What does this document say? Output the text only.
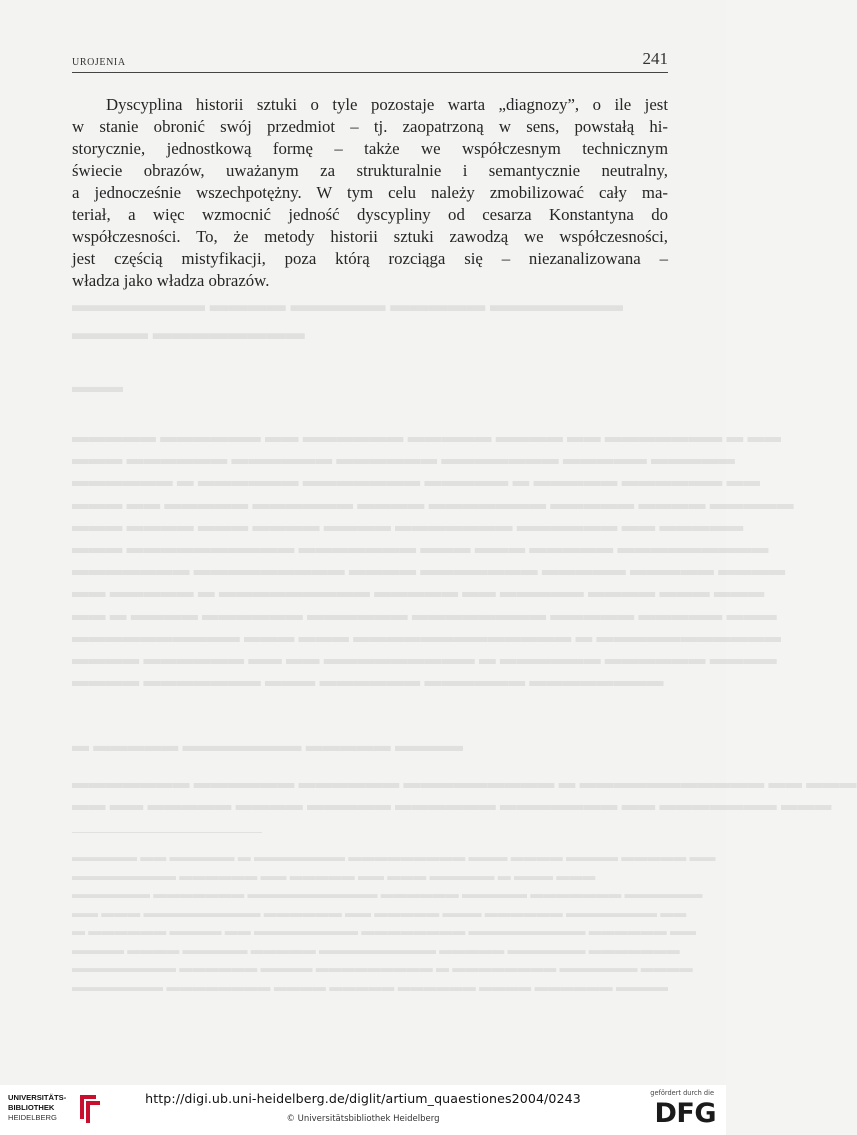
UROJENIA	241
Dyscyplina historii sztuki o tyle pozostaje warta „diagnozy”, o ile jest
w stanie obronić swój przedmiot – tj. zaopatrzoną w sens, powstałą hi-
storycznie, jednostkową formę – także we współczesnym technicznym
świecie obrazów, uważanym za strukturalnie i semantycznie neutralny,
a jednocześnie wszechpotężny. W tym celu należy zmobilizować cały ma-
teriał, a więc wzmocnić jedność dyscypliny od cesarza Konstantyna do
współczesności. To, że metody historii sztuki zawodzą we współczesności,
jest częścią mistyfikacji, poza którą rozciąga się – niezanalizowana –
władza jako władza obrazów.
▬▬▬▬▬▬▬ ▬▬▬▬ ▬▬▬▬▬ ▬▬▬▬▬ ▬▬▬▬▬▬▬
▬▬▬▬ ▬▬▬▬▬▬▬▬
▬▬▬
▬▬▬▬▬ ▬▬▬▬▬▬ ▬▬ ▬▬▬▬▬▬ ▬▬▬▬▬ ▬▬▬▬ ▬▬ ▬▬▬▬▬▬▬ ▬ ▬▬
▬▬▬ ▬▬▬▬▬▬ ▬▬▬▬▬▬ ▬▬▬▬▬▬ ▬▬▬▬▬▬▬ ▬▬▬▬▬ ▬▬▬▬▬
▬▬▬▬▬▬ ▬ ▬▬▬▬▬▬ ▬▬▬▬▬▬▬ ▬▬▬▬▬ ▬ ▬▬▬▬▬ ▬▬▬▬▬▬ ▬▬
▬▬▬ ▬▬ ▬▬▬▬▬ ▬▬▬▬▬▬ ▬▬▬▬ ▬▬▬▬▬▬▬ ▬▬▬▬▬ ▬▬▬▬ ▬▬▬▬▬
▬▬▬ ▬▬▬▬ ▬▬▬ ▬▬▬▬ ▬▬▬▬ ▬▬▬▬▬▬▬ ▬▬▬▬▬▬ ▬▬ ▬▬▬▬▬
▬▬▬ ▬▬▬▬▬▬▬▬▬▬ ▬▬▬▬▬▬▬ ▬▬▬ ▬▬▬ ▬▬▬▬▬ ▬▬▬▬▬▬▬▬▬
▬▬▬▬▬▬▬ ▬▬▬▬▬▬▬▬▬ ▬▬▬▬ ▬▬▬▬▬▬▬ ▬▬▬▬▬ ▬▬▬▬▬ ▬▬▬▬
▬▬ ▬▬▬▬▬ ▬ ▬▬▬▬▬▬▬▬▬ ▬▬▬▬▬ ▬▬ ▬▬▬▬▬ ▬▬▬▬ ▬▬▬ ▬▬▬
▬▬ ▬ ▬▬▬▬ ▬▬▬▬▬▬ ▬▬▬▬▬▬ ▬▬▬▬▬▬▬▬ ▬▬▬▬▬ ▬▬▬▬▬ ▬▬▬
▬▬▬▬▬▬▬▬▬▬ ▬▬▬ ▬▬▬ ▬▬▬▬▬▬▬▬▬▬▬▬▬ ▬ ▬▬▬▬▬▬▬▬▬▬▬
▬▬▬▬ ▬▬▬▬▬▬ ▬▬ ▬▬ ▬▬▬▬▬▬▬▬▬ ▬ ▬▬▬▬▬▬ ▬▬▬▬▬▬ ▬▬▬▬
▬▬▬▬ ▬▬▬▬▬▬▬ ▬▬▬ ▬▬▬▬▬▬ ▬▬▬▬▬▬ ▬▬▬▬▬▬▬▬
▬ ▬▬▬▬▬ ▬▬▬▬▬▬▬ ▬▬▬▬▬ ▬▬▬▬
▬▬▬▬▬▬▬ ▬▬▬▬▬▬ ▬▬▬▬▬▬ ▬▬▬▬▬▬▬▬▬ ▬ ▬▬▬▬▬▬▬▬▬▬▬ ▬▬ ▬▬▬
▬▬ ▬▬ ▬▬▬▬▬ ▬▬▬▬ ▬▬▬▬▬ ▬▬▬▬▬▬ ▬▬▬▬▬▬▬ ▬▬ ▬▬▬▬▬▬▬ ▬▬▬
▬▬▬▬▬ ▬▬ ▬▬▬▬▬ ▬ ▬▬▬▬▬▬▬ ▬▬▬▬▬▬▬▬▬ ▬▬▬ ▬▬▬▬ ▬▬▬▬ ▬▬▬▬▬ ▬▬
▬▬▬▬▬▬▬▬ ▬▬▬▬▬▬ ▬▬ ▬▬▬▬▬ ▬▬ ▬▬▬ ▬▬▬▬▬ ▬ ▬▬▬ ▬▬▬
▬▬▬▬▬▬ ▬▬▬▬▬▬▬ ▬▬▬▬▬▬▬▬▬▬ ▬▬▬▬▬▬ ▬▬▬▬▬ ▬▬▬▬▬▬▬ ▬▬▬▬▬▬
▬▬ ▬▬▬ ▬▬▬▬▬▬▬▬▬ ▬▬▬▬▬▬ ▬▬ ▬▬▬▬▬ ▬▬▬ ▬▬▬▬▬▬ ▬▬▬▬▬▬▬ ▬▬
▬ ▬▬▬▬▬▬ ▬▬▬▬ ▬▬ ▬▬▬▬▬▬▬▬ ▬▬▬▬▬▬▬▬ ▬▬▬▬▬▬▬▬▬ ▬▬▬▬▬▬ ▬▬
▬▬▬▬ ▬▬▬▬ ▬▬▬▬▬ ▬▬▬▬▬ ▬▬▬▬▬▬▬▬▬ ▬▬▬▬▬ ▬▬▬▬▬▬ ▬▬▬▬▬▬▬
▬▬▬▬▬▬▬▬ ▬▬▬▬▬▬ ▬▬▬▬ ▬▬▬▬▬▬▬▬▬ ▬ ▬▬▬▬▬▬▬▬ ▬▬▬▬▬▬ ▬▬▬▬
▬▬▬▬▬▬▬ ▬▬▬▬▬▬▬▬ ▬▬▬▬ ▬▬▬▬▬ ▬▬▬▬▬▬ ▬▬▬▬ ▬▬▬▬▬▬ ▬▬▬▬
UNIVERSITÄTS-
BIBLIOTHEK
HEIDELBERG
http://digi.ub.uni-heidelberg.de/diglit/artium_quaestiones2004/0243
© Universitätsbibliothek Heidelberg
gefördert durch die
DFG
